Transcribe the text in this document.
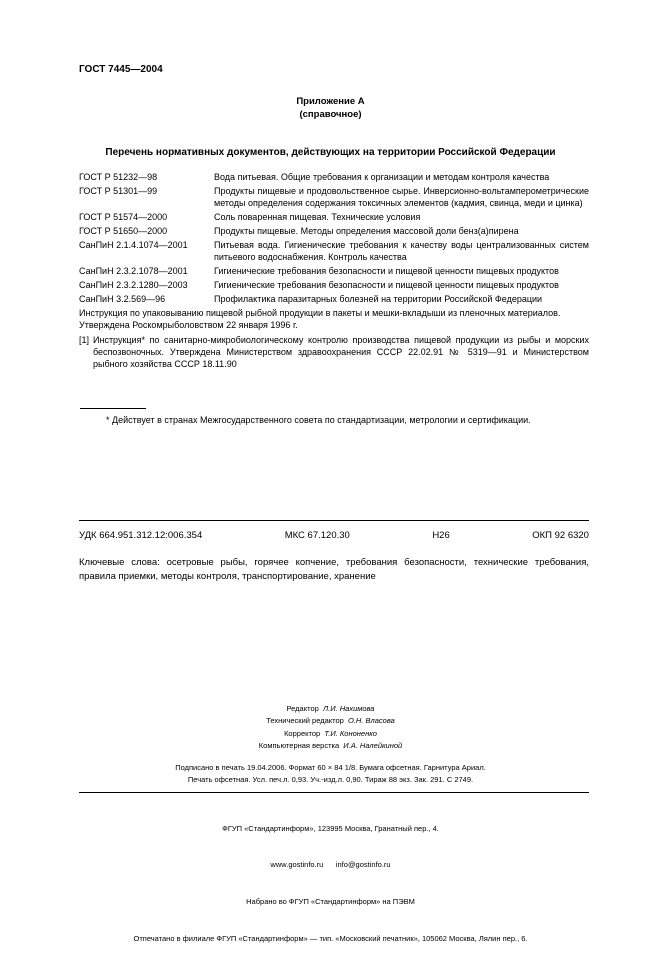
ГОСТ 7445—2004
Приложение А
(справочное)
Перечень нормативных документов, действующих на территории Российской Федерации
ГОСТ Р 51232—98	Вода питьевая. Общие требования к организации и методам контроля качества
ГОСТ Р 51301—99	Продукты пищевые и продовольственное сырье. Инверсионно-вольтамперометрические методы определения содержания токсичных элементов (кадмия, свинца, меди и цинка)
ГОСТ Р 51574—2000	Соль поваренная пищевая. Технические условия
ГОСТ Р 51650—2000	Продукты пищевые. Методы определения массовой доли бенз(а)пирена
СанПиН 2.1.4.1074—2001	Питьевая вода. Гигиенические требования к качеству воды централизованных систем питьевого водоснабжения. Контроль качества
СанПиН 2.3.2.1078—2001	Гигиенические требования безопасности и пищевой ценности пищевых продуктов
СанПиН 2.3.2.1280—2003	Гигиенические требования безопасности и пищевой ценности пищевых продуктов
СанПиН 3.2.569—96	Профилактика паразитарных болезней на территории Российской Федерации
Инструкция по упаковыванию пищевой рыбной продукции в пакеты и мешки-вкладыши из пленочных материалов. Утверждена Роскомрыболовством 22 января 1996 г.
[1] Инструкция* по санитарно-микробиологическому контролю производства пищевой продукции из рыбы и морских беспозвоночных. Утверждена Министерством здравоохранения СССР 22.02.91 № 5319—91 и Министерством рыбного хозяйства СССР 18.11.90
* Действует в странах Межгосударственного совета по стандартизации, метрологии и сертификации.
УДК 664.951.312.12:006.354	МКС 67.120.30	Н26	ОКП 92 6320
Ключевые слова: осетровые рыбы, горячее копчение, требования безопасности, технические требования, правила приемки, методы контроля, транспортирование, хранение
Редактор Л.И. Нахимова
Технический редактор О.Н. Власова
Корректор Т.И. Кононенко
Компьютерная верстка И.А. Налейкиной
Подписано в печать 19.04.2006. Формат 60 × 84 1/8. Бумага офсетная. Гарнитура Ариал.
Печать офсетная. Усл. печ.л. 0,93. Уч.-изд.л. 0,90. Тираж 88 экз. Зак. 291. С 2749.

ФГУП «Стандартинформ», 123995 Москва, Гранатный пер., 4.

www.gostinfo.ru      info@gostinfo.ru

Набрано во ФГУП «Стандартинформ» на ПЭВМ

Отпечатано в филиале ФГУП «Стандартинформ» — тип. «Московский печатник», 105062 Москва, Лялин пер., 6.
